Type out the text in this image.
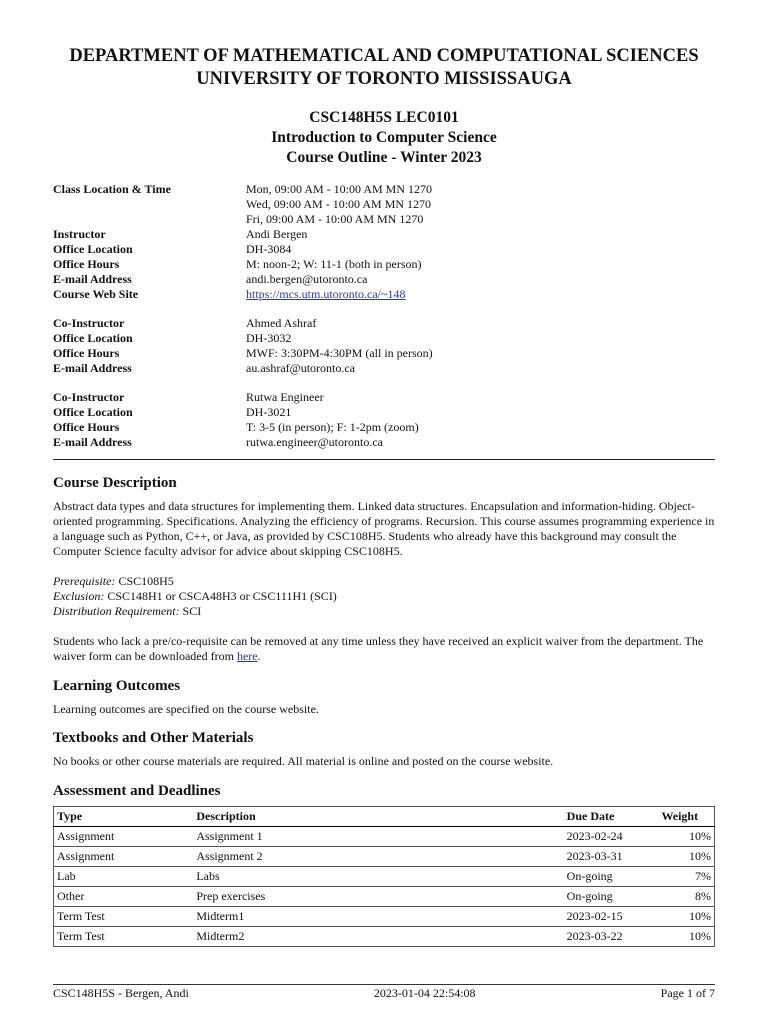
DEPARTMENT OF MATHEMATICAL AND COMPUTATIONAL SCIENCES
UNIVERSITY OF TORONTO MISSISSAUGA
CSC148H5S LEC0101
Introduction to Computer Science
Course Outline - Winter 2023
Class Location & Time	Mon, 09:00 AM - 10:00 AM MN 1270
Wed, 09:00 AM - 10:00 AM MN 1270
Fri, 09:00 AM - 10:00 AM MN 1270
Instructor	Andi Bergen
Office Location	DH-3084
Office Hours	M: noon-2; W: 11-1 (both in person)
E-mail Address	andi.bergen@utoronto.ca
Course Web Site	https://mcs.utm.utoronto.ca/~148
Co-Instructor	Ahmed Ashraf
Office Location	DH-3032
Office Hours	MWF: 3:30PM-4:30PM (all in person)
E-mail Address	au.ashraf@utoronto.ca
Co-Instructor	Rutwa Engineer
Office Location	DH-3021
Office Hours	T: 3-5 (in person); F: 1-2pm (zoom)
E-mail Address	rutwa.engineer@utoronto.ca
Course Description

Abstract data types and data structures for implementing them. Linked data structures. Encapsulation and information-hiding. Object-oriented programming. Specifications. Analyzing the efficiency of programs. Recursion. This course assumes programming experience in a language such as Python, C++, or Java, as provided by CSC108H5. Students who already have this background may consult the Computer Science faculty advisor for advice about skipping CSC108H5.

Prerequisite: CSC108H5
Exclusion: CSC148H1 or CSCA48H3 or CSC111H1 (SCI)
Distribution Requirement: SCI

Students who lack a pre/co-requisite can be removed at any time unless they have received an explicit waiver from the department. The waiver form can be downloaded from here.

Learning Outcomes

Learning outcomes are specified on the course website.

Textbooks and Other Materials

No books or other course materials are required. All material is online and posted on the course website.

Assessment and Deadlines
Type	Description	Due Date	Weight
Assignment	Assignment 1	2023-02-24	10%
Assignment	Assignment 2	2023-03-31	10%
Lab	Labs	On-going	7%
Other	Prep exercises	On-going	8%
Term Test	Midterm1	2023-02-15	10%
Term Test	Midterm2	2023-03-22	10%
CSC148H5S - Bergen, Andi	2023-01-04 22:54:08	Page 1 of 7
